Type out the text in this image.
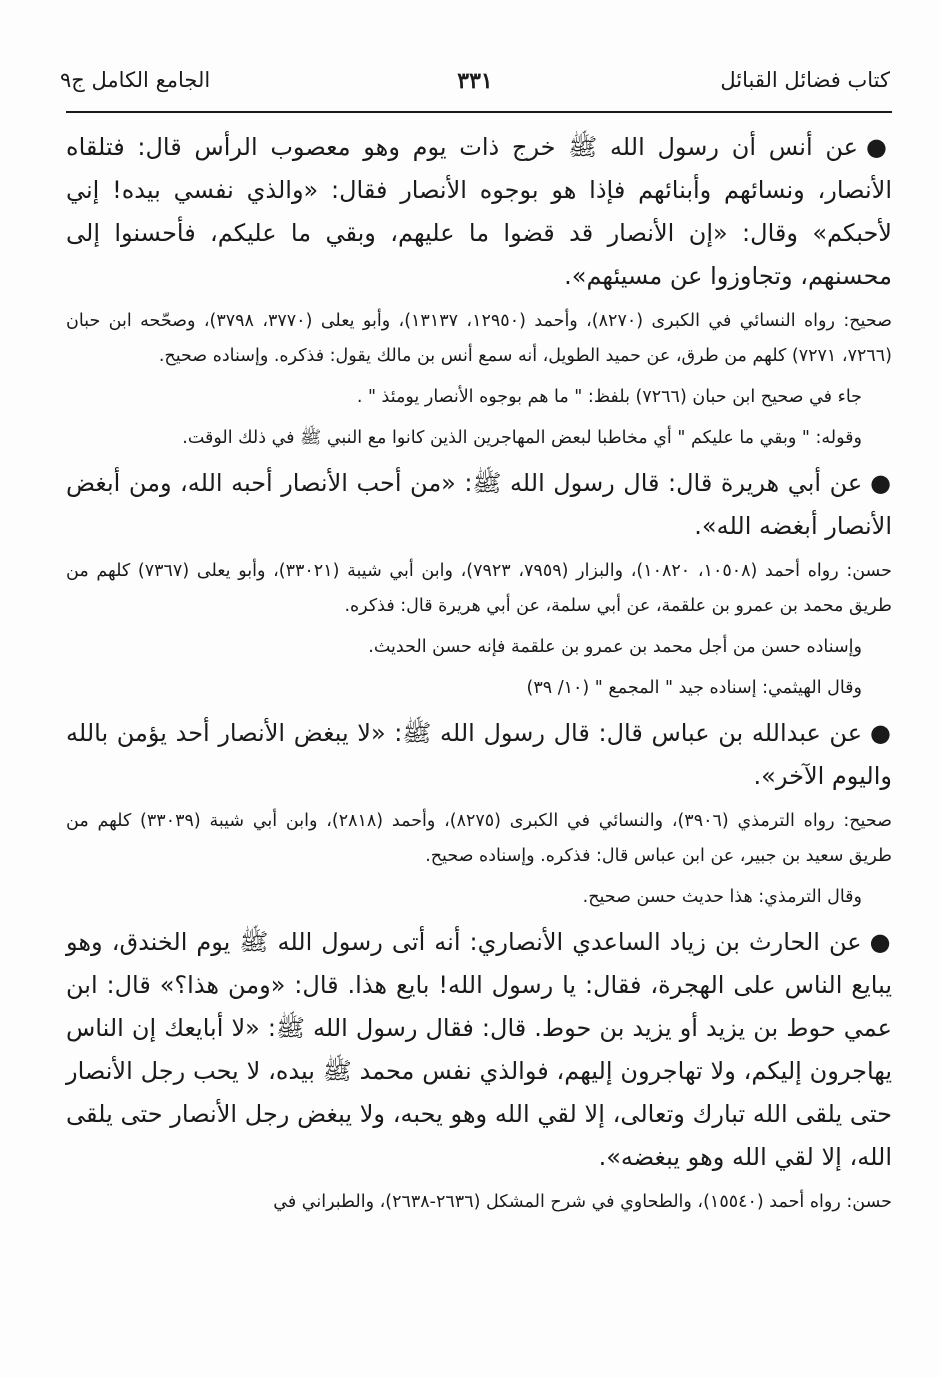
كتاب فضائل القبائل
٣٣١
الجامع الكامل ج٩

●عن أنس أن رسول الله ﷺ خرج ذات يوم وهو معصوب الرأس قال: فتلقاه الأنصار، ونسائهم وأبنائهم فإذا هو بوجوه الأنصار فقال: «والذي نفسي بيده! إني لأحبكم» وقال: «إن الأنصار قد قضوا ما عليهم، وبقي ما عليكم، فأحسنوا إلى محسنهم، وتجاوزوا عن مسيئهم».

صحيح: رواه النسائي في الكبرى (٨٢٧٠)، وأحمد (١٢٩٥٠، ١٣١٣٧)، وأبو يعلى (٣٧٧٠، ٣٧٩٨)، وصحّحه ابن حبان (٧٢٦٦، ٧٢٧١) كلهم من طرق، عن حميد الطويل، أنه سمع أنس بن مالك يقول: فذكره. وإسناده صحيح.

جاء في صحيح ابن حبان (٧٢٦٦) بلفظ: " ما هم بوجوه الأنصار يومئذ " .

وقوله: " وبقي ما عليكم " أي مخاطبا لبعض المهاجرين الذين كانوا مع النبي ﷺ في ذلك الوقت.

●عن أبي هريرة قال: قال رسول الله ﷺ: «من أحب الأنصار أحبه الله، ومن أبغض الأنصار أبغضه الله».

حسن: رواه أحمد (١٠٥٠٨، ١٠٨٢٠)، والبزار (٧٩٥٩، ٧٩٢٣)، وابن أبي شيبة (٣٣٠٢١)، وأبو يعلى (٧٣٦٧) كلهم من طريق محمد بن عمرو بن علقمة، عن أبي سلمة، عن أبي هريرة قال: فذكره.

وإسناده حسن من أجل محمد بن عمرو بن علقمة فإنه حسن الحديث.

وقال الهيثمي: إسناده جيد " المجمع " (١٠/ ٣٩)

●عن عبدالله بن عباس قال: قال رسول الله ﷺ: «لا يبغض الأنصار أحد يؤمن بالله واليوم الآخر».

صحيح: رواه الترمذي (٣٩٠٦)، والنسائي في الكبرى (٨٢٧٥)، وأحمد (٢٨١٨)، وابن أبي شيبة (٣٣٠٣٩) كلهم من طريق سعيد بن جبير، عن ابن عباس قال: فذكره. وإسناده صحيح.

وقال الترمذي: هذا حديث حسن صحيح.

●عن الحارث بن زياد الساعدي الأنصاري: أنه أتى رسول الله ﷺ يوم الخندق، وهو يبايع الناس على الهجرة، فقال: يا رسول الله! بايع هذا. قال: «ومن هذا؟» قال: ابن عمي حوط بن يزيد أو يزيد بن حوط. قال: فقال رسول الله ﷺ: «لا أبايعك إن الناس يهاجرون إليكم، ولا تهاجرون إليهم، فوالذي نفس محمد ﷺ بيده، لا يحب رجل الأنصار حتى يلقى الله تبارك وتعالى، إلا لقي الله وهو يحبه، ولا يبغض رجل الأنصار حتى يلقى الله، إلا لقي الله وهو يبغضه».

حسن: رواه أحمد (١٥٥٤٠)، والطحاوي في شرح المشكل (٢٦٣٦-٢٦٣٨)، والطبراني في
